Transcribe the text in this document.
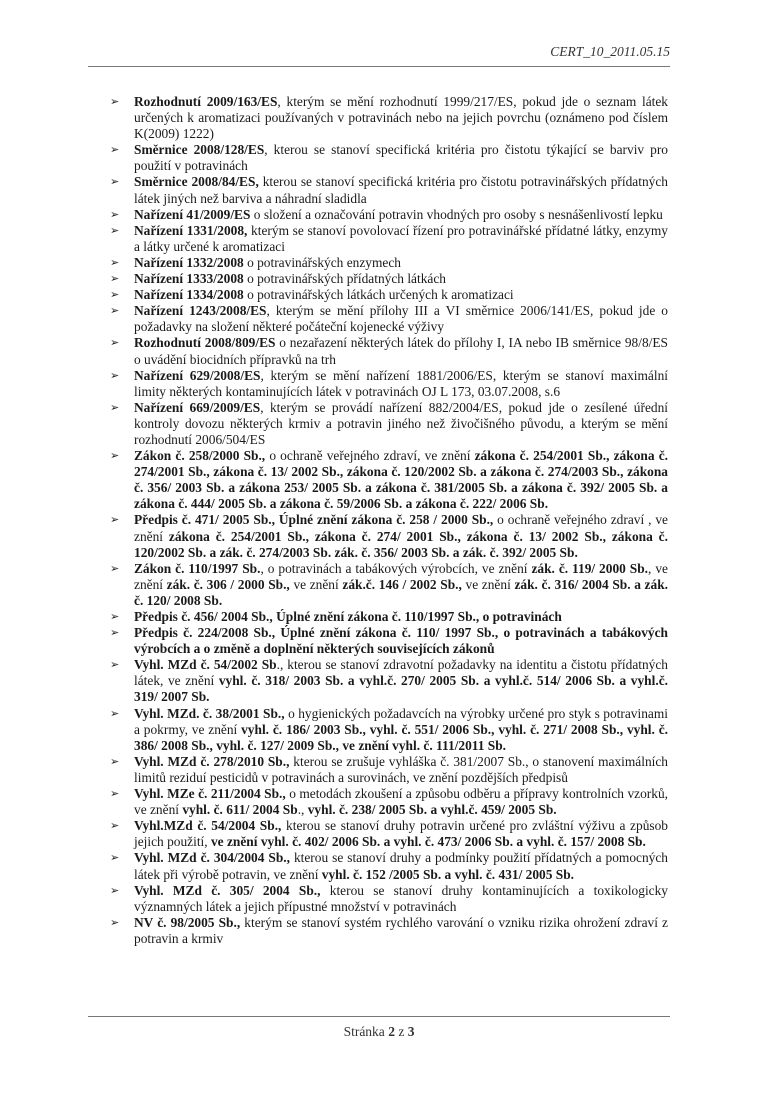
CERT_10_2011.05.15
➢ Rozhodnutí 2009/163/ES, kterým se mění rozhodnutí 1999/217/ES, pokud jde o seznam látek určených k aromatizaci používaných v potravinách nebo na jejich povrchu (oznámeno pod číslem K(2009) 1222)
➢ Směrnice 2008/128/ES, kterou se stanoví specifická kritéria pro čistotu týkající se barviv pro použití v potravinách
➢ Směrnice 2008/84/ES, kterou se stanoví specifická kritéria pro čistotu potravinářských přídatných látek jiných než barviva a náhradní sladidla
➢ Nařízení 41/2009/ES o složení a označování potravin vhodných pro osoby s nesnášenlivostí lepku
➢ Nařízení 1331/2008, kterým se stanoví povolovací řízení pro potravinářské přídatné látky, enzymy a látky určené k aromatizaci
➢ Nařízení 1332/2008 o potravinářských enzymech
➢ Nařízení 1333/2008 o potravinářských přídatných látkách
➢ Nařízení 1334/2008 o potravinářských látkách určených k aromatizaci
➢ Nařízení 1243/2008/ES, kterým se mění přílohy III a VI směrnice 2006/141/ES, pokud jde o požadavky na složení některé počáteční kojenecké výživy
➢ Rozhodnutí 2008/809/ES o nezařazení některých látek do přílohy I, IA nebo IB směrnice 98/8/ES o uvádění biocidních přípravků na trh
➢ Nařízení 629/2008/ES, kterým se mění nařízení 1881/2006/ES, kterým se stanoví maximální limity některých kontaminujících látek v potravinách OJ L 173, 03.07.2008, s.6
➢ Nařízení 669/2009/ES, kterým se provádí nařízení 882/2004/ES, pokud jde o zesílené úřední kontroly dovozu některých krmiv a potravin jiného než živočišného původu, a kterým se mění rozhodnutí 2006/504/ES
➢ Zákon č. 258/2000 Sb., o ochraně veřejného zdraví, ve znění zákona č. 254/2001 Sb., zákona č. 274/2001 Sb., zákona č. 13/ 2002 Sb., zákona č. 120/2002 Sb. a zákona č. 274/2003 Sb., zákona č. 356/ 2003 Sb. a zákona 253/ 2005 Sb. a zákona č. 381/2005 Sb. a zákona č. 392/ 2005 Sb. a zákona č. 444/ 2005 Sb. a zákona č. 59/2006 Sb. a zákona č. 222/ 2006 Sb.
➢ Předpis č. 471/ 2005 Sb., Úplné znění zákona č. 258 / 2000 Sb., o ochraně veřejného zdraví , ve znění zákona č. 254/2001 Sb., zákona č. 274/ 2001 Sb., zákona č. 13/ 2002 Sb., zákona č. 120/2002 Sb. a zák. č. 274/2003 Sb. zák. č. 356/ 2003 Sb. a zák. č. 392/ 2005 Sb.
➢ Zákon č. 110/1997 Sb., o potravinách a tabákových výrobcích, ve znění zák. č. 119/ 2000 Sb., ve znění zák. č. 306 / 2000 Sb., ve znění zák.č. 146 / 2002 Sb., ve znění zák. č. 316/ 2004 Sb. a zák. č. 120/ 2008 Sb.
➢ Předpis č. 456/ 2004 Sb., Úplné znění zákona č. 110/1997 Sb., o potravinách
➢ Předpis č. 224/2008 Sb., Úplné znění zákona č. 110/ 1997 Sb., o potravinách a tabákových výrobcích a o změně a doplnění některých souvisejících zákonů
➢ Vyhl. MZd č. 54/2002 Sb., kterou se stanoví zdravotní požadavky na identitu a čistotu přídatných látek, ve znění vyhl. č. 318/ 2003 Sb. a vyhl.č. 270/ 2005 Sb. a vyhl.č. 514/ 2006 Sb. a vyhl.č. 319/ 2007 Sb.
➢ Vyhl. MZd. č. 38/2001 Sb., o hygienických požadavcích na výrobky určené pro styk s potravinami a pokrmy, ve znění vyhl. č. 186/ 2003 Sb., vyhl. č. 551/ 2006 Sb., vyhl. č. 271/ 2008 Sb., vyhl. č. 386/ 2008 Sb., vyhl. č. 127/ 2009 Sb., ve znění vyhl. č. 111/2011 Sb.
➢ Vyhl. MZd č. 278/2010 Sb., kterou se zrušuje vyhláška č. 381/2007 Sb., o stanovení maximálních limitů reziduí pesticidů v potravinách a surovinách, ve znění pozdějších předpisů
➢ Vyhl. MZe č. 211/2004 Sb., o metodách zkoušení a způsobu odběru a přípravy kontrolních vzorků, ve znění vyhl. č. 611/ 2004 Sb., vyhl. č. 238/ 2005 Sb. a vyhl.č. 459/ 2005 Sb.
➢ Vyhl.MZd č. 54/2004 Sb., kterou se stanoví druhy potravin určené pro zvláštní výživu a způsob jejich použití, ve znění vyhl. č. 402/ 2006 Sb. a vyhl. č. 473/ 2006 Sb. a vyhl. č. 157/ 2008 Sb.
➢ Vyhl. MZd č. 304/2004 Sb., kterou se stanoví druhy a podmínky použití přídatných a pomocných látek při výrobě potravin, ve znění vyhl. č. 152 /2005 Sb. a vyhl. č. 431/ 2005 Sb.
➢ Vyhl. MZd č. 305/ 2004 Sb., kterou se stanoví druhy kontaminujících a toxikologicky významných látek a jejich přípustné množství v potravinách
➢ NV č. 98/2005 Sb., kterým se stanoví systém rychlého varování o vzniku rizika ohrožení zdraví z potravin a krmiv
Stránka 2 z 3
